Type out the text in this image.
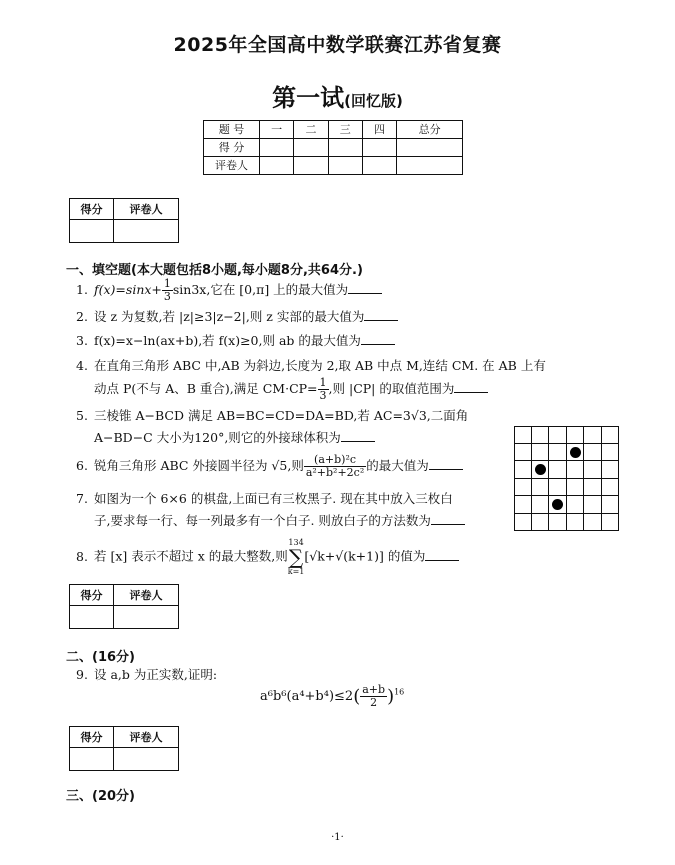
2025年全国高中数学联赛江苏省复赛
第一试(回忆版)
题 号	一	二	三	四	总分
得 分					
评卷人					
得分	评卷人

一、填空题(本大题包括8小题,每小题8分,共64分.)
1. $f(x)=\sin x+ \frac{1}{3} \sin 3x$,它在 [0,π] 上的最大值为
2. 设 z 为复数,若 |z|≥3|z−2|,则 z 实部的最大值为
3. f(x)=x−ln(ax+b),若 f(x)≥0,则 ab 的最大值为
4. 在直角三角形 ABC 中,AB 为斜边,长度为 2,取 AB 中点 M,连结 CM. 在 AB 上有
动点 P(不与 A、B 重合),满足 $CM\cdot CP= \frac{1}{3}$ ,则 |CP| 的取值范围为
5. 三棱锥 A−BCD 满足 AB=BC=CD=DA=BD,若 AC=3√3,二面角
A−BD−C 大小为120°,则它的外接球体积为
6. 锐角三角形 ABC 外接圆半径为 √5,则 $\frac{\text{(a+b)²c}}{\text{a²+b²+2c²}}$ 的最大值为
7. 如图为一个 6×6 的棋盘,上面已有三枚黑子. 现在其中放入三枚白
子,要求每一行、每一列最多有一个白子. 则放白子的方法数为
8. 若 [x] 表示不超过 x 的最大整数,则134
∑
k=1[√k+√(k+1)] 的值为
得分	评卷人

二、(16分)
9. 设 a,b 为正实数,证明:
$a^6b^6(a^4+b^4)\le 2( \frac{a+b}{2} )^{16}$
得分	评卷人

三、(20分)
·1·
